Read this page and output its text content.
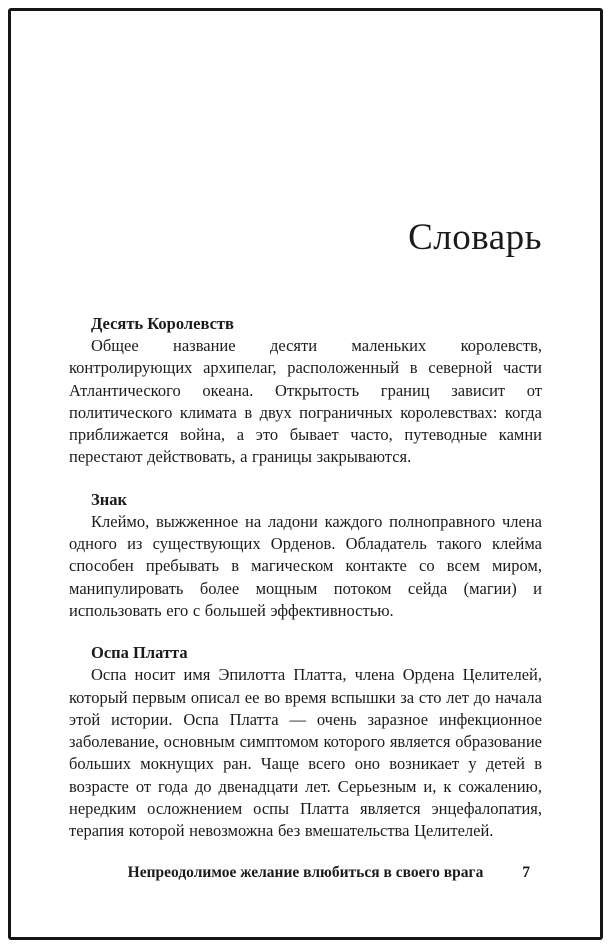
Словарь
Десять Королевств

Общее название десяти маленьких королевств, контролирующих архипелаг, расположенный в северной части Атлантического океана. Открытость границ зависит от политического климата в двух пограничных королевствах: когда приближается война, а это бывает часто, путеводные камни перестают действовать, а границы закрываются.

Знак

Клеймо, выжженное на ладони каждого полноправного члена одного из существующих Орденов. Обладатель такого клейма способен пребывать в магическом контакте со всем миром, манипулировать более мощным потоком сейда (магии) и использовать его с большей эффективностью.

Оспа Платта

Оспа носит имя Эпилотта Платта, члена Ордена Целителей, который первым описал ее во время вспышки за сто лет до начала этой истории. Оспа Платта — очень заразное инфекционное заболевание, основным симптомом которого является образование больших мокнущих ран. Чаще всего оно возникает у детей в возрасте от года до двенадцати лет. Серьезным и, к сожалению, нередким осложнением оспы Платта является энцефалопатия, терапия которой невозможна без вмешательства Целителей.

Непреодолимое желание влюбиться в своего врага	7
